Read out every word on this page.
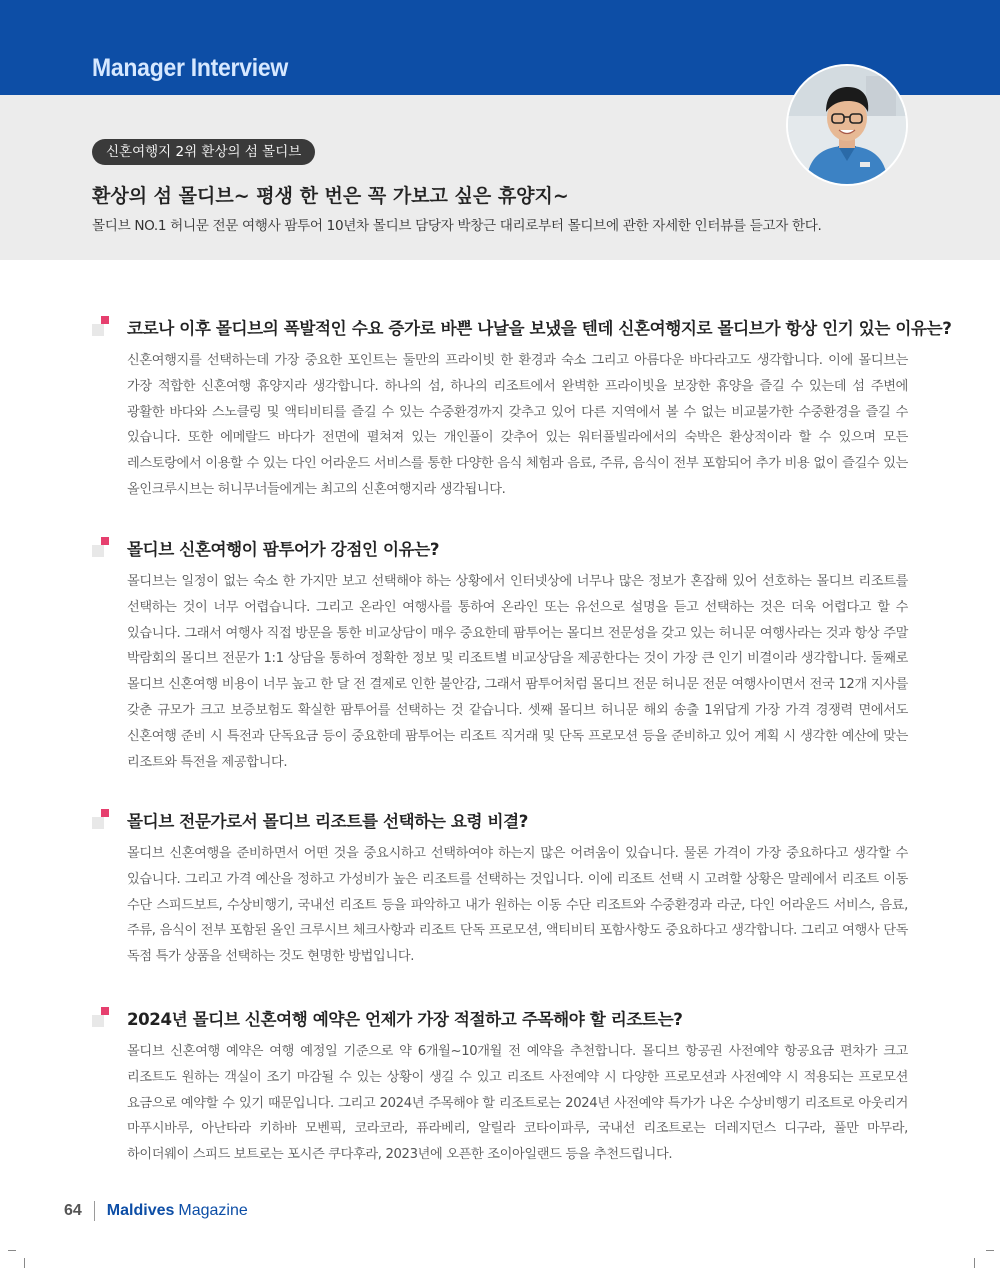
Manager Interview
신혼여행지 2위 환상의 섬 몰디브
환상의 섬 몰디브~ 평생 한 번은 꼭 가보고 싶은 휴양지~
몰디브 NO.1 허니문 전문 여행사 팜투어 10년차 몰디브 담당자 박창근 대리로부터 몰디브에 관한 자세한 인터뷰를 듣고자 한다.
코로나 이후 몰디브의 폭발적인 수요 증가로 바쁜 나날을 보냈을 텐데 신혼여행지로 몰디브가 항상 인기 있는 이유는?
신혼여행지를 선택하는데 가장 중요한 포인트는 둘만의 프라이빗 한 환경과 숙소 그리고 아름다운 바다라고도 생각합니다. 이에 몰디브는 가장 적합한 신혼여행 휴양지라 생각합니다. 하나의 섬, 하나의 리조트에서 완벽한 프라이빗을 보장한 휴양을 즐길 수 있는데 섬 주변에 광활한 바다와 스노클링 및 액티비티를 즐길 수 있는 수중환경까지 갖추고 있어 다른 지역에서 볼 수 없는 비교불가한 수중환경을 즐길 수 있습니다. 또한 에메랄드 바다가 전면에 펼쳐져 있는 개인풀이 갖추어 있는 워터풀빌라에서의 숙박은 환상적이라 할 수 있으며 모든 레스토랑에서 이용할 수 있는 다인 어라운드 서비스를 통한 다양한 음식 체험과 음료, 주류, 음식이 전부 포함되어 추가 비용 없이 즐길수 있는 올인크루시브는 허니무너들에게는 최고의 신혼여행지라 생각됩니다.
몰디브 신혼여행이 팜투어가 강점인 이유는?
몰디브는 일정이 없는 숙소 한 가지만 보고 선택해야 하는 상황에서 인터넷상에 너무나 많은 정보가 혼잡해 있어 선호하는 몰디브 리조트를 선택하는 것이 너무 어렵습니다. 그리고 온라인 여행사를 통하여 온라인 또는 유선으로 설명을 듣고 선택하는 것은 더욱 어렵다고 할 수 있습니다. 그래서 여행사 직접 방문을 통한 비교상담이 매우 중요한데 팜투어는 몰디브 전문성을 갖고 있는 허니문 여행사라는 것과 항상 주말 박람회의 몰디브 전문가 1:1 상담을 통하여 정확한 정보 및 리조트별 비교상담을 제공한다는 것이 가장 큰 인기 비결이라 생각합니다. 둘째로 몰디브 신혼여행 비용이 너무 높고 한 달 전 결제로 인한 불안감, 그래서 팜투어처럼 몰디브 전문 허니문 전문 여행사이면서 전국 12개 지사를 갖춘 규모가 크고 보증보험도 확실한 팜투어를 선택하는 것 같습니다. 셋째 몰디브 허니문 해외 송출 1위답게 가장 가격 경쟁력 면에서도 신혼여행 준비 시 특전과 단독요금 등이 중요한데 팜투어는 리조트 직거래 및 단독 프로모션 등을 준비하고 있어 계획 시 생각한 예산에 맞는 리조트와 특전을 제공합니다.
몰디브 전문가로서 몰디브 리조트를 선택하는 요령 비결?
몰디브 신혼여행을 준비하면서 어떤 것을 중요시하고 선택하여야 하는지 많은 어려움이 있습니다. 물론 가격이 가장 중요하다고 생각할 수 있습니다. 그리고 가격 예산을 정하고 가성비가 높은 리조트를 선택하는 것입니다. 이에 리조트 선택 시 고려할 상황은 말레에서 리조트 이동 수단 스피드보트, 수상비행기, 국내선 리조트 등을 파악하고 내가 원하는 이동 수단 리조트와 수중환경과 라군, 다인 어라운드 서비스, 음료, 주류, 음식이 전부 포함된 올인 크루시브 체크사항과 리조트 단독 프로모션, 액티비티 포함사항도 중요하다고 생각합니다. 그리고 여행사 단독 독점 특가 상품을 선택하는 것도 현명한 방법입니다.
2024년 몰디브 신혼여행 예약은 언제가 가장 적절하고 주목해야 할 리조트는?
몰디브 신혼여행 예약은 여행 예정일 기준으로 약 6개월~10개월 전 예약을 추천합니다. 몰디브 항공권 사전예약 항공요금 편차가 크고 리조트도 원하는 객실이 조기 마감될 수 있는 상황이 생길 수 있고 리조트 사전예약 시 다양한 프로모션과 사전예약 시 적용되는 프로모션 요금으로 예약할 수 있기 때문입니다. 그리고 2024년 주목해야 할 리조트로는 2024년 사전예약 특가가 나온 수상비행기 리조트로 아웃리거 마푸시바루, 아난타라 키하바 모벤픽, 코라코라, 퓨라베리, 알릴라 코타이파루, 국내선 리조트로는 더레지던스 디구라, 풀만 마무라, 하이더웨이 스피드 보트로는 포시즌 쿠다후라, 2023년에 오픈한 조이아일랜드 등을 추천드립니다.
64 Maldives Magazine
